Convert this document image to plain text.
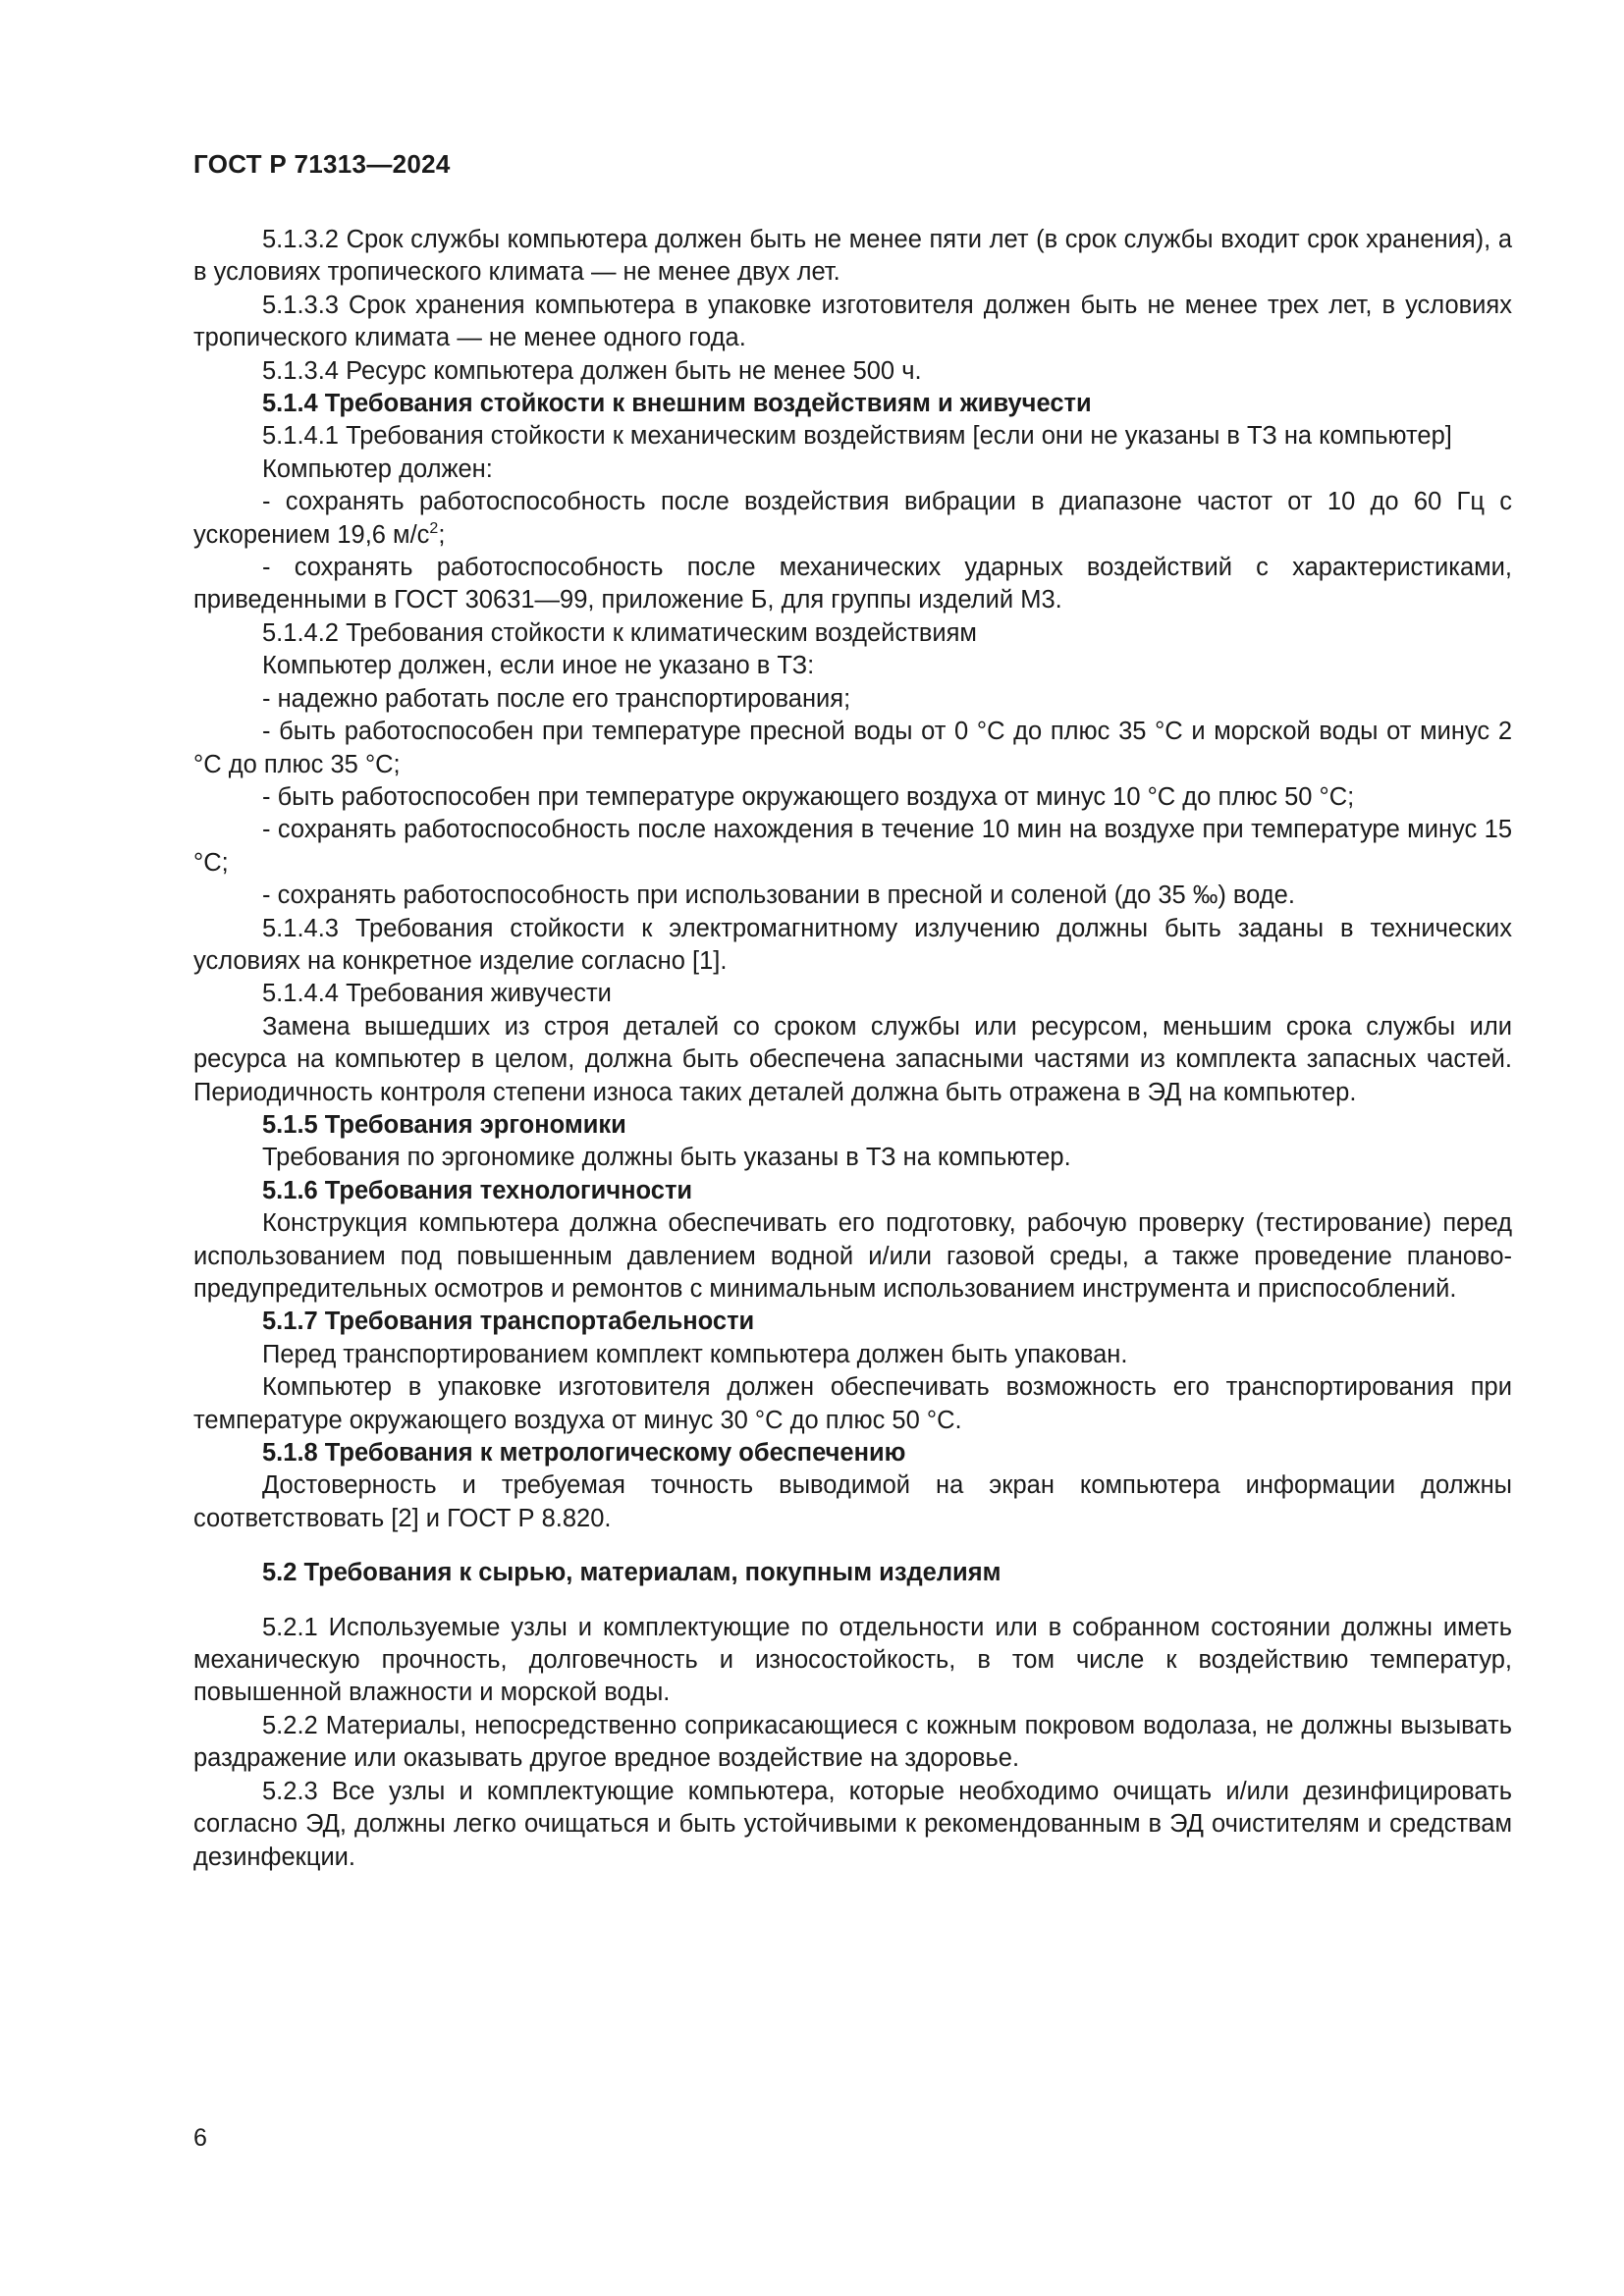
ГОСТ Р 71313—2024

5.1.3.2 Срок службы компьютера должен быть не менее пяти лет (в срок службы входит срок хранения), а в условиях тропического климата — не менее двух лет.

5.1.3.3 Срок хранения компьютера в упаковке изготовителя должен быть не менее трех лет, в условиях тропического климата — не менее одного года.

5.1.3.4 Ресурс компьютера должен быть не менее 500 ч.

5.1.4 Требования стойкости к внешним воздействиям и живучести

5.1.4.1 Требования стойкости к механическим воздействиям [если они не указаны в ТЗ на компьютер]

Компьютер должен:

- сохранять работоспособность после воздействия вибрации в диапазоне частот от 10 до 60 Гц с ускорением 19,6 $м/с^2$;

- сохранять работоспособность после механических ударных воздействий с характеристиками, приведенными в ГОСТ 30631—99, приложение Б, для группы изделий М3.

5.1.4.2 Требования стойкости к климатическим воздействиям

Компьютер должен, если иное не указано в ТЗ:

- надежно работать после его транспортирования;

- быть работоспособен при температуре пресной воды от 0 °С до плюс 35 °С и морской воды от минус 2 °С до плюс 35 °С;

- быть работоспособен при температуре окружающего воздуха от минус 10 °С до плюс 50 °С;

- сохранять работоспособность после нахождения в течение 10 мин на воздухе при температуре минус 15 °С;

- сохранять работоспособность при использовании в пресной и соленой (до 35 ‰) воде.

5.1.4.3 Требования стойкости к электромагнитному излучению должны быть заданы в технических условиях на конкретное изделие согласно [1].

5.1.4.4 Требования живучести

Замена вышедших из строя деталей со сроком службы или ресурсом, меньшим срока службы или ресурса на компьютер в целом, должна быть обеспечена запасными частями из комплекта запасных частей. Периодичность контроля степени износа таких деталей должна быть отражена в ЭД на компьютер.

5.1.5 Требования эргономики

Требования по эргономике должны быть указаны в ТЗ на компьютер.

5.1.6 Требования технологичности

Конструкция компьютера должна обеспечивать его подготовку, рабочую проверку (тестирование) перед использованием под повышенным давлением водной и/или газовой среды, а также проведение планово-предупредительных осмотров и ремонтов с минимальным использованием инструмента и приспособлений.

5.1.7 Требования транспортабельности

Перед транспортированием комплект компьютера должен быть упакован.

Компьютер в упаковке изготовителя должен обеспечивать возможность его транспортирования при температуре окружающего воздуха от минус 30 °С до плюс 50 °С.

5.1.8 Требования к метрологическому обеспечению

Достоверность и требуемая точность выводимой на экран компьютера информации должны соответствовать [2] и ГОСТ Р 8.820.

5.2 Требования к сырью, материалам, покупным изделиям

5.2.1 Используемые узлы и комплектующие по отдельности или в собранном состоянии должны иметь механическую прочность, долговечность и износостойкость, в том числе к воздействию температур, повышенной влажности и морской воды.

5.2.2 Материалы, непосредственно соприкасающиеся с кожным покровом водолаза, не должны вызывать раздражение или оказывать другое вредное воздействие на здоровье.

5.2.3 Все узлы и комплектующие компьютера, которые необходимо очищать и/или дезинфицировать согласно ЭД, должны легко очищаться и быть устойчивыми к рекомендованным в ЭД очистителям и средствам дезинфекции.

6
